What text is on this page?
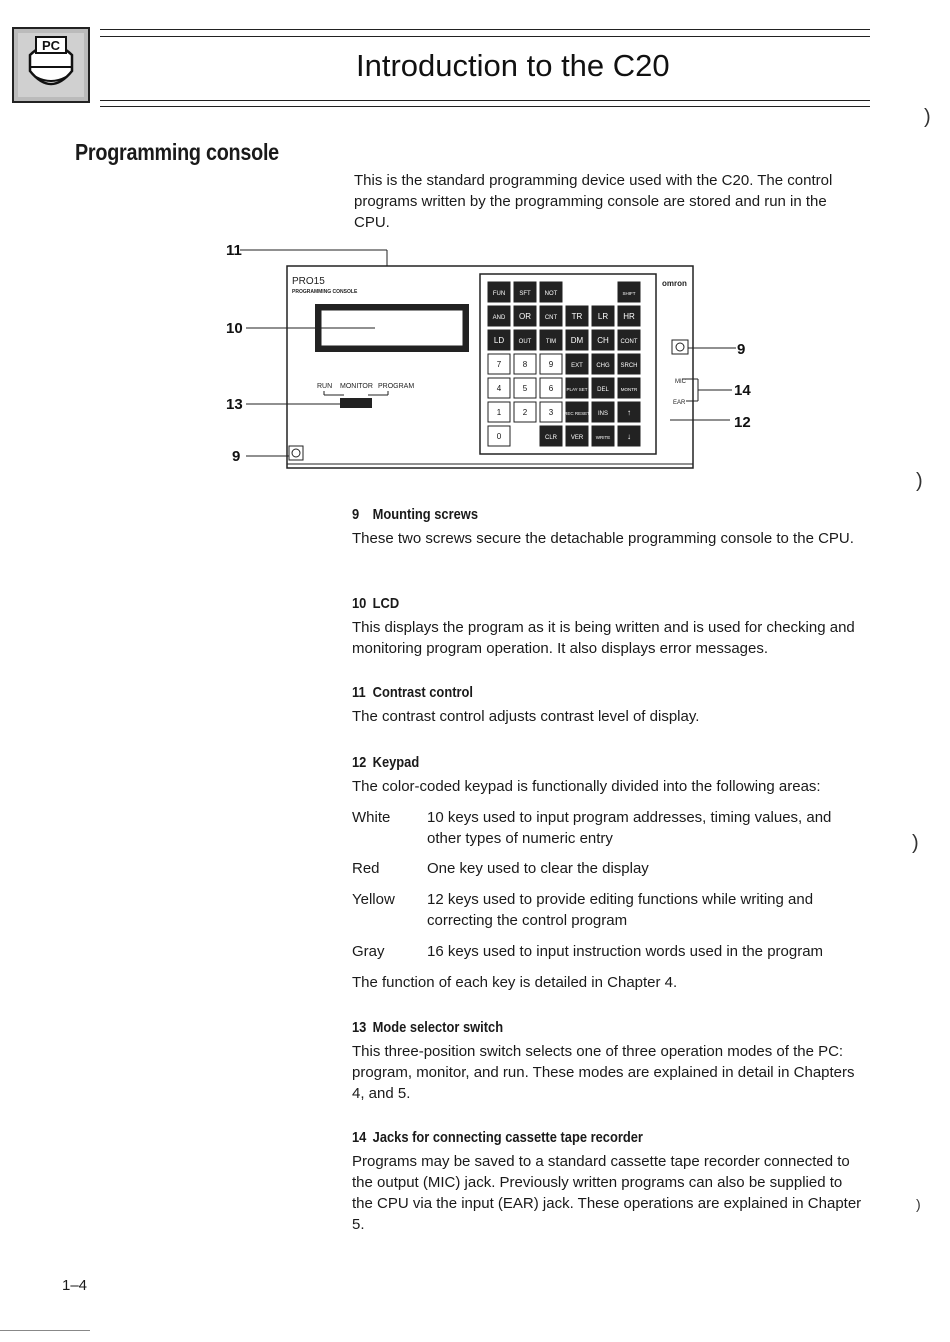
PC
Introduction to the C20
Programming console
This is the standard programming device used with the C20. The control programs written by the programming console are stored and run in the CPU.
PRO15
PROGRAMMING CONSOLE
RUN MONITOR PROGRAM
omron
MIC
EAR
FUN SFT NOT	SHIFT
AND OR CNT TR LR HR
LD OUT TIM DM CH CONT
7	8	9	EXT CHG SRCH
4	5	6	PLAY SET DEL	MONTR
1	2	3 REC RESET INS ↑
0	CLR VER	WRITE ↓
11
10
13
9
9
14
12
9 Mounting screws
These two screws secure the detachable programming console to the CPU.
10 LCD
This displays the program as it is being written and is used for checking and monitoring program operation. It also displays error messages.
11 Contrast control
The contrast control adjusts contrast level of display.
12 Keypad
The color-coded keypad is functionally divided into the following areas:
White	10 keys used to input program addresses, timing values, and other types of numeric entry
Red	One key used to clear the display
Yellow	12 keys used to provide editing functions while writing and correcting the control program
Gray	16 keys used to input instruction words used in the program
The function of each key is detailed in Chapter 4.
13 Mode selector switch
This three-position switch selects one of three operation modes of the PC: program, monitor, and run. These modes are explained in detail in Chapters 4, and 5.
14 Jacks for connecting cassette tape recorder
Programs may be saved to a standard cassette tape recorder connected to the output (MIC) jack. Previously written programs can also be supplied to the CPU via the input (EAR) jack. These operations are explained in Chapter 5.
1–4
)
)
)
)
